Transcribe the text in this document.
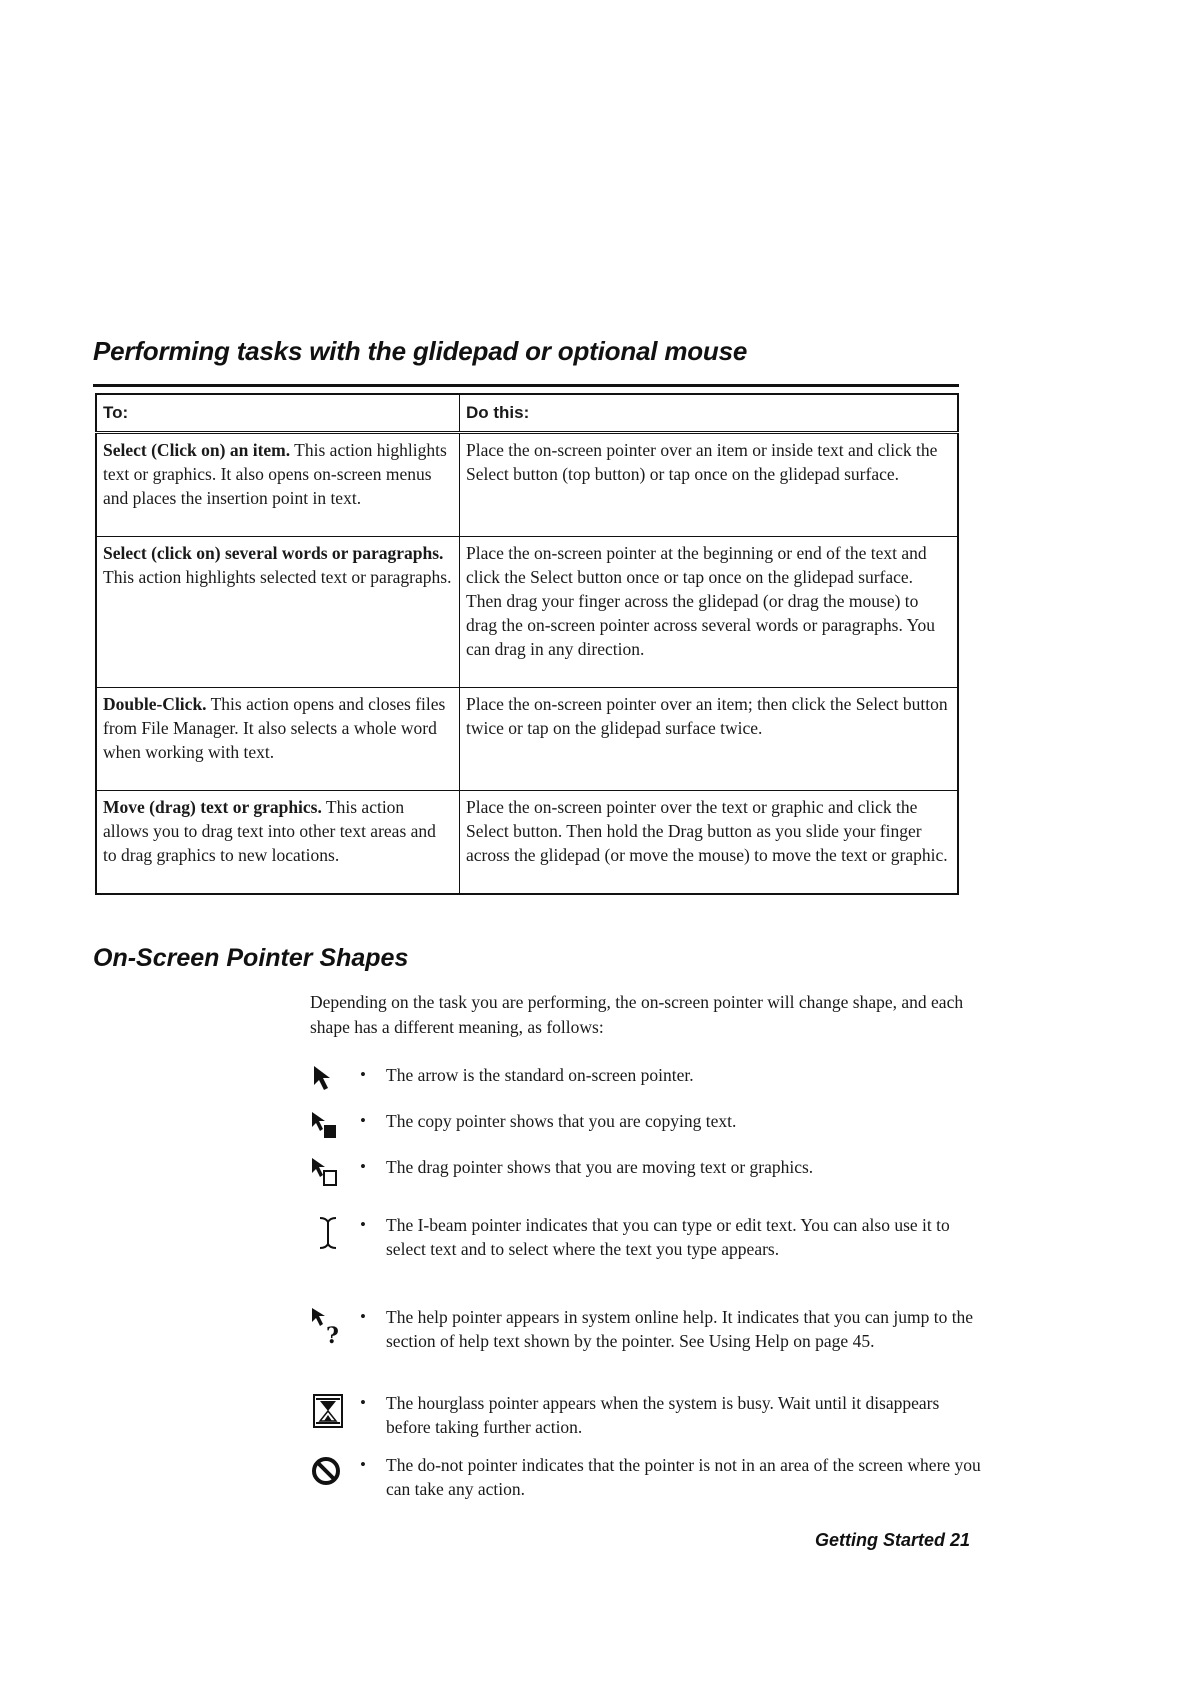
Performing tasks with the glidepad or optional mouse
To:	Do this:
Select (Click on) an item. This action highlights text or graphics. It also opens on-screen menus and places the insertion point in text.	Place the on-screen pointer over an item or inside text and click the Select button (top button) or tap once on the glidepad surface.
Select (click on) several words or paragraphs. This action highlights selected text or paragraphs.	Place the on-screen pointer at the beginning or end of the text and click the Select button once or tap once on the glidepad surface. Then drag your finger across the glidepad (or drag the mouse) to drag the on-screen pointer across several words or paragraphs. You can drag in any direction.
Double-Click. This action opens and closes files from File Manager. It also selects a whole word when working with text.	Place the on-screen pointer over an item; then click the Select button twice or tap on the glidepad surface twice.
Move (drag) text or graphics. This action allows you to drag text into other text areas and to drag graphics to new locations.	Place the on-screen pointer over the text or graphic and click the Select button. Then hold the Drag button as you slide your finger across the glidepad (or move the mouse) to move the text or graphic.
On-Screen Pointer Shapes

Depending on the task you are performing, the on-screen pointer will change shape, and each shape has a different meaning, as follows:

• The arrow is the standard on-screen pointer.

• The copy pointer shows that you are copying text.

• The drag pointer shows that you are moving text or graphics.

• The I-beam pointer indicates that you can type or edit text. You can also use it to select text and to select where the text you type appears.

?
• The help pointer appears in system online help. It indicates that you can jump to the section of help text shown by the pointer. See Using Help on page 45.

• The hourglass pointer appears when the system is busy. Wait until it disappears before taking further action.

• The do-not pointer indicates that the pointer is not in an area of the screen where you can take any action.

Getting Started 21
